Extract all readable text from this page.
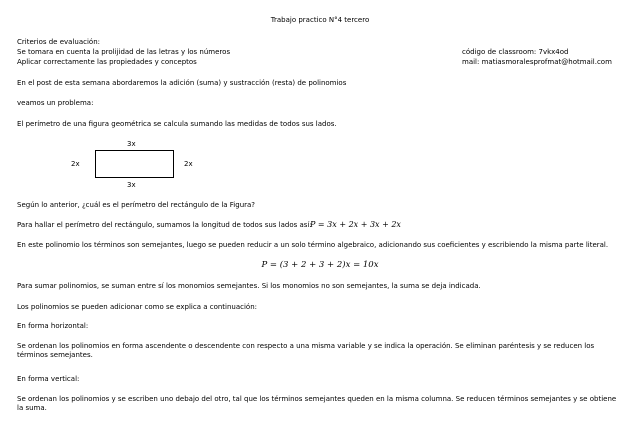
Trabajo practico N°4 tercero
Criterios de evaluación:
Se tomara en cuenta la prolijidad de las letras y los números
Aplicar correctamente las propiedades y conceptos
código de classroom: 7vkx4od
mail: matiasmoralesprofmat@hotmail.com
En el post de esta semana abordaremos la adición (suma) y sustracción (resta) de polinomios
veamos un problema:
El perímetro de una figura geométrica se calcula sumando las medidas de todos sus lados.
3x
2x	2x
3x
Según lo anterior, ¿cuál es el perímetro del rectángulo de la Figura?
Para hallar el perímetro del rectángulo, sumamos la longitud de todos sus lados así:
P = 3x + 2x + 3x + 2x
En este polinomio los términos son semejantes, luego se pueden reducir a un solo término algebraico, adicionando sus coeficientes y escribiendo la misma parte literal.
P = (3 + 2 + 3 + 2)x = 10x
Para sumar polinomios, se suman entre sí los monomios semejantes. Si los monomios no son semejantes, la suma se deja indicada.
Los polinomios se pueden adicionar como se explica a continuación:
En forma horizontal:
Se ordenan los polinomios en forma ascendente o descendente con respecto a una misma variable y se indica la operación. Se eliminan paréntesis y se reducen los términos semejantes.
En forma vertical:
Se ordenan los polinomios y se escriben uno debajo del otro, tal que los términos semejantes queden en la misma columna. Se reducen términos semejantes y se obtiene la suma.
